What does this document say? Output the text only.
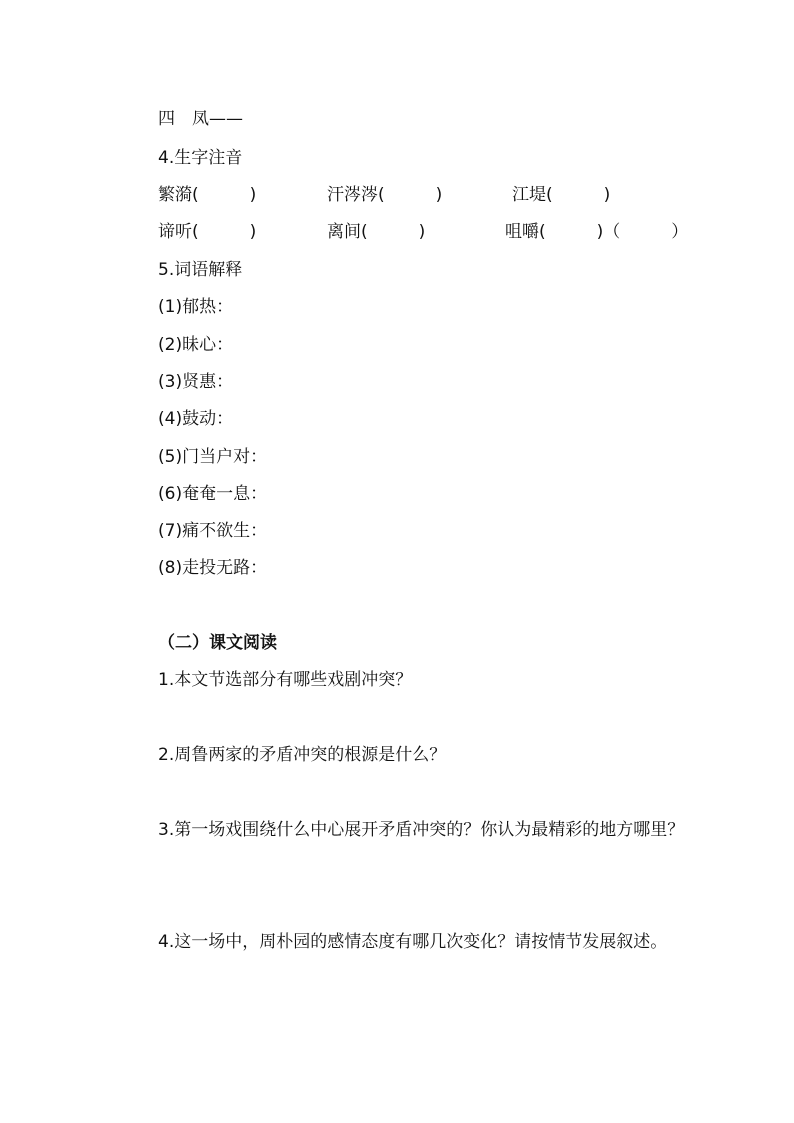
四　凤——
4.生字注音
繁漪(　　　)	汗涔涔(　　　)	江堤(　　　)
谛听(　　　)	离间(　　　)	咀嚼(　　　)（　　　）
5.词语解释
(1)郁热：
(2)昧心：
(3)贤惠：
(4)鼓动：
(5)门当户对：
(6)奄奄一息：
(7)痛不欲生：
(8)走投无路：
（二）课文阅读
1.本文节选部分有哪些戏剧冲突？
2.周鲁两家的矛盾冲突的根源是什么？
3.第一场戏围绕什么中心展开矛盾冲突的？你认为最精彩的地方哪里？
4.这一场中，周朴园的感情态度有哪几次变化？请按情节发展叙述。
